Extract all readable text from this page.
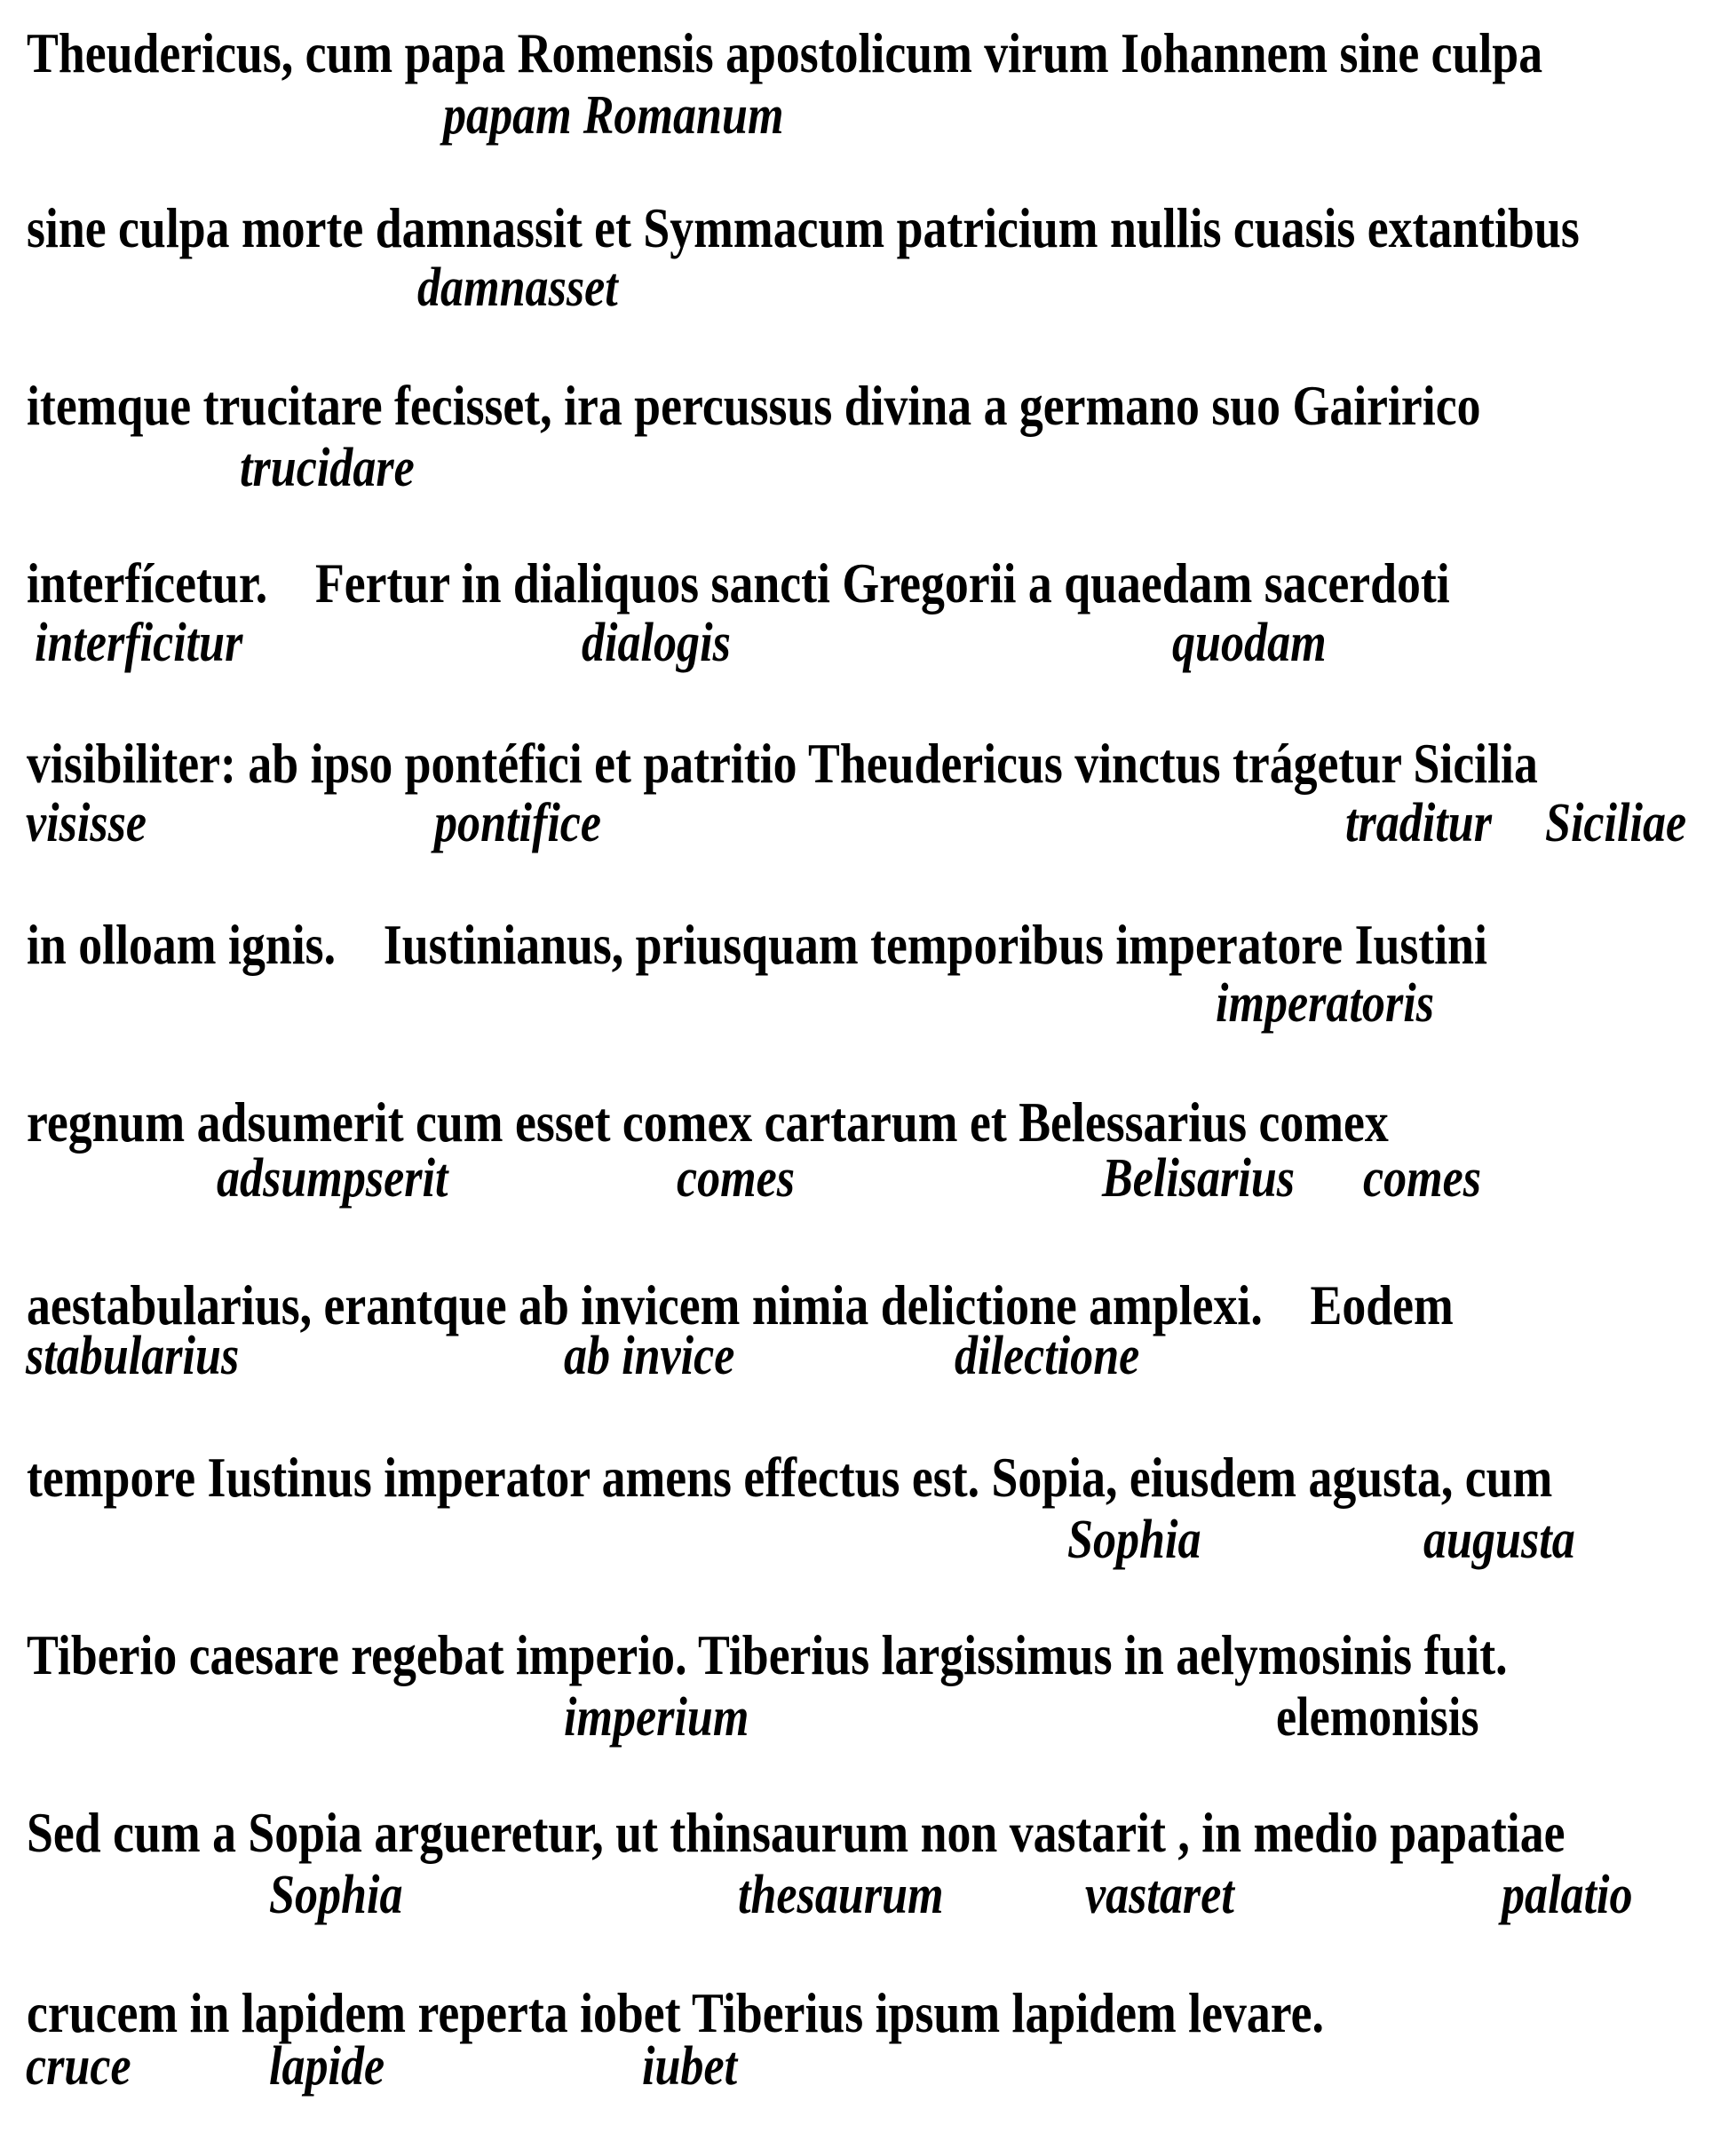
Theudericus, cum papa Romensis apostolicum virum Iohannem sine culpa
papam Romanum
sine culpa morte damnassit et Symmacum patricium nullis cuasis extantibus
damnasset
itemque trucitare fecisset, ira percussus divina a germano suo Gairirico
trucidare
interfícetur.    Fertur in dialiquos sancti Gregorii a quaedam sacerdoti
interficitur	dialogis	quodam
visibiliter: ab ipso pontéfici et patritio Theudericus vinctus trágetur Sicilia
visisse	pontifice	traditur Siciliae
in olloam ignis.    Iustinianus, priusquam temporibus imperatore Iustini
imperatoris
regnum adsumerit cum esset comex cartarum et Belessarius comex
adsumpserit	comes	Belisarius comes
aestabularius, erantque ab invicem nimia delictione amplexi.    Eodem
stabularius	ab invice	dilectione
tempore Iustinus imperator amens effectus est. Sopia, eiusdem agusta, cum
Sophia	augusta
Tiberio caesare regebat imperio. Tiberius largissimus in aelymosinis fuit.
imperium	elemonisis
Sed cum a Sopia argueretur, ut thinsaurum non vastarit , in medio papatiae
Sophia	thesaurum	vastaret	palatio
crucem in lapidem reperta iobet Tiberius ipsum lapidem levare.
cruce	lapide	iubet
